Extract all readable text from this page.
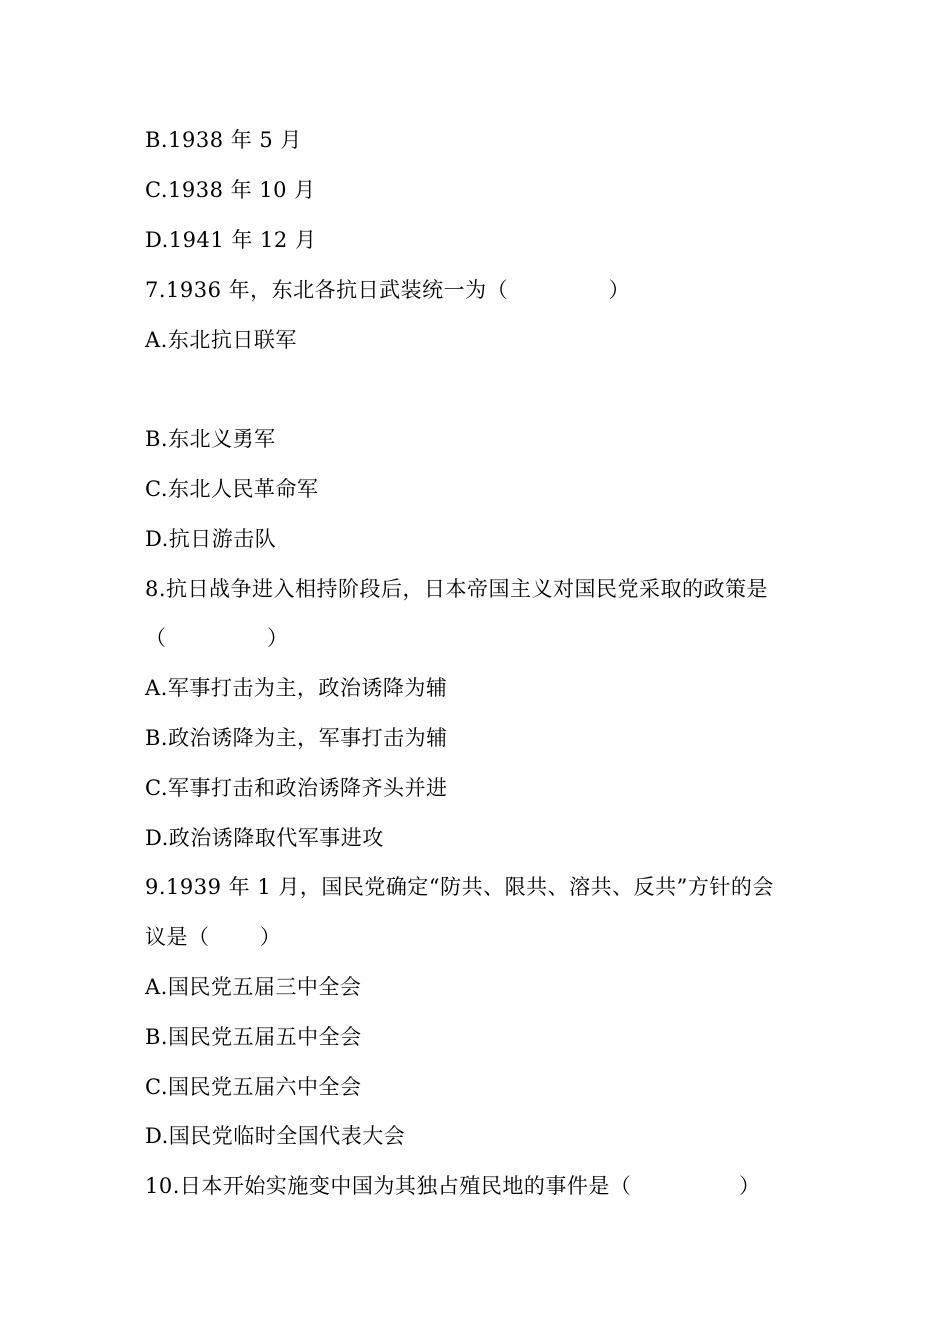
B.1938 年 5 月
C.1938 年 10 月
D.1941 年 12 月
7.1936 年，东北各抗日武装统一为（              ）
A.东北抗日联军
B.东北义勇军
C.东北人民革命军
D.抗日游击队
8.抗日战争进入相持阶段后，日本帝国主义对国民党采取的政策是
（              ）
A.军事打击为主，政治诱降为辅
B.政治诱降为主，军事打击为辅
C.军事打击和政治诱降齐头并进
D.政治诱降取代军事进攻
9.1939 年 1 月，国民党确定“防共、限共、溶共、反共”方针的会
议是（       ）
A.国民党五届三中全会
B.国民党五届五中全会
C.国民党五届六中全会
D.国民党临时全国代表大会
10.日本开始实施变中国为其独占殖民地的事件是（               ）
